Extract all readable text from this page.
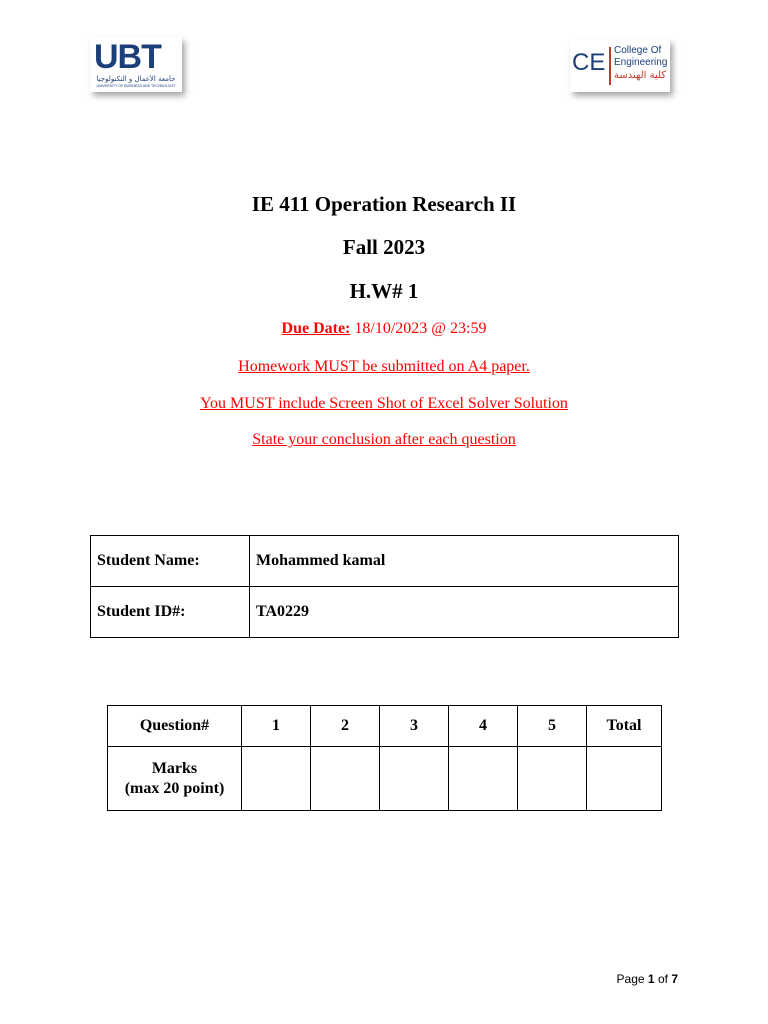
UBT
جامعة الأعمال و التكنولوجيا
UNIVERSITY OF BUSINESS AND TECHNOLOGY
CE College Of
Engineering
كلية الهندسة
IE 411 Operation Research II
Fall 2023
H.W# 1
Due Date: 18/10/2023 @ 23:59
Homework MUST be submitted on A4 paper.
You MUST include Screen Shot of Excel Solver Solution
State your conclusion after each question
Student Name:	Mohammed kamal
Student ID#:	TA0229
Question#	1	2	3	4	5	Total
Marks
(max 20 point)						
Page 1 of 7
